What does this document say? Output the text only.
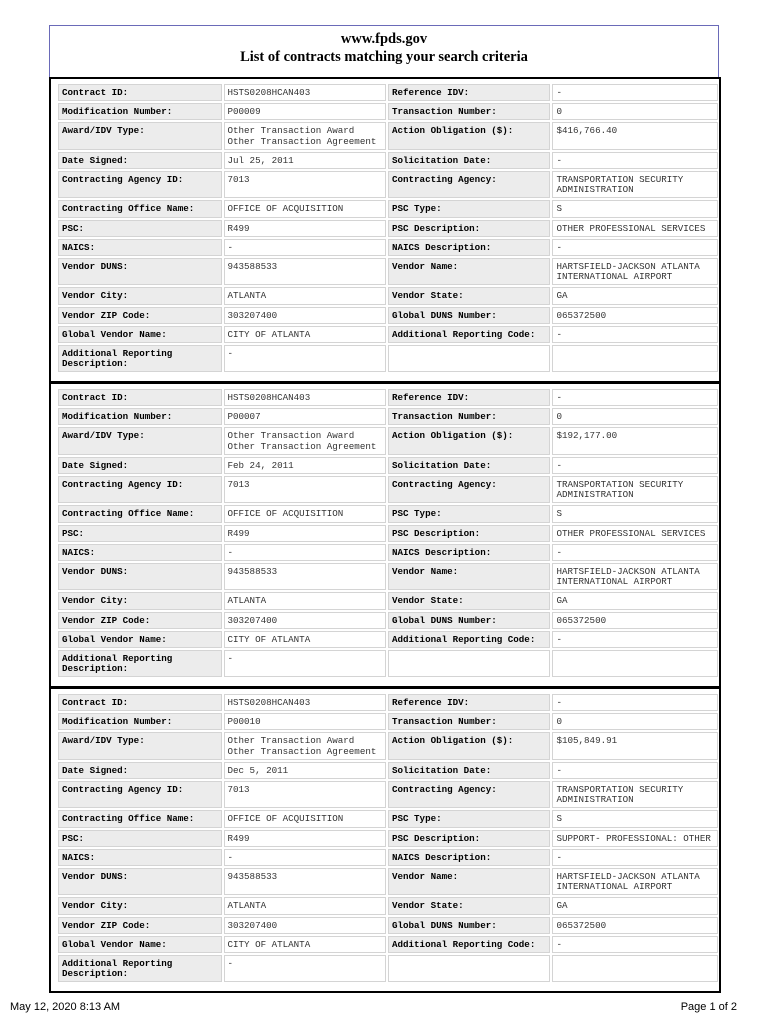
www.fpds.gov
List of contracts matching your search criteria
Contract ID:	HSTS0208HCAN403	Reference IDV:	-
Modification Number:	P00009	Transaction Number:	0
Award/IDV Type:	Other Transaction Award Other Transaction Agreement	Action Obligation ($):	$416,766.40
Date Signed:	Jul 25, 2011	Solicitation Date:	-
Contracting Agency ID:	7013	Contracting Agency:	TRANSPORTATION SECURITY ADMINISTRATION
Contracting Office Name:	OFFICE OF ACQUISITION	PSC Type:	S
PSC:	R499	PSC Description:	OTHER PROFESSIONAL SERVICES
NAICS:	-	NAICS Description:	-
Vendor DUNS:	943588533	Vendor Name:	HARTSFIELD-JACKSON ATLANTA INTERNATIONAL AIRPORT
Vendor City:	ATLANTA	Vendor State:	GA
Vendor ZIP Code:	303207400	Global DUNS Number:	065372500
Global Vendor Name:	CITY OF ATLANTA	Additional Reporting Code:	-
Additional Reporting Description:	-		
Contract ID:	HSTS0208HCAN403	Reference IDV:	-
Modification Number:	P00007	Transaction Number:	0
Award/IDV Type:	Other Transaction Award Other Transaction Agreement	Action Obligation ($):	$192,177.00
Date Signed:	Feb 24, 2011	Solicitation Date:	-
Contracting Agency ID:	7013	Contracting Agency:	TRANSPORTATION SECURITY ADMINISTRATION
Contracting Office Name:	OFFICE OF ACQUISITION	PSC Type:	S
PSC:	R499	PSC Description:	OTHER PROFESSIONAL SERVICES
NAICS:	-	NAICS Description:	-
Vendor DUNS:	943588533	Vendor Name:	HARTSFIELD-JACKSON ATLANTA INTERNATIONAL AIRPORT
Vendor City:	ATLANTA	Vendor State:	GA
Vendor ZIP Code:	303207400	Global DUNS Number:	065372500
Global Vendor Name:	CITY OF ATLANTA	Additional Reporting Code:	-
Additional Reporting Description:	-		
Contract ID:	HSTS0208HCAN403	Reference IDV:	-
Modification Number:	P00010	Transaction Number:	0
Award/IDV Type:	Other Transaction Award Other Transaction Agreement	Action Obligation ($):	$105,849.91
Date Signed:	Dec 5, 2011	Solicitation Date:	-
Contracting Agency ID:	7013	Contracting Agency:	TRANSPORTATION SECURITY ADMINISTRATION
Contracting Office Name:	OFFICE OF ACQUISITION	PSC Type:	S
PSC:	R499	PSC Description:	SUPPORT- PROFESSIONAL: OTHER
NAICS:	-	NAICS Description:	-
Vendor DUNS:	943588533	Vendor Name:	HARTSFIELD-JACKSON ATLANTA INTERNATIONAL AIRPORT
Vendor City:	ATLANTA	Vendor State:	GA
Vendor ZIP Code:	303207400	Global DUNS Number:	065372500
Global Vendor Name:	CITY OF ATLANTA	Additional Reporting Code:	-
Additional Reporting Description:	-		
May 12, 2020 8:13 AM	Page 1 of 2
